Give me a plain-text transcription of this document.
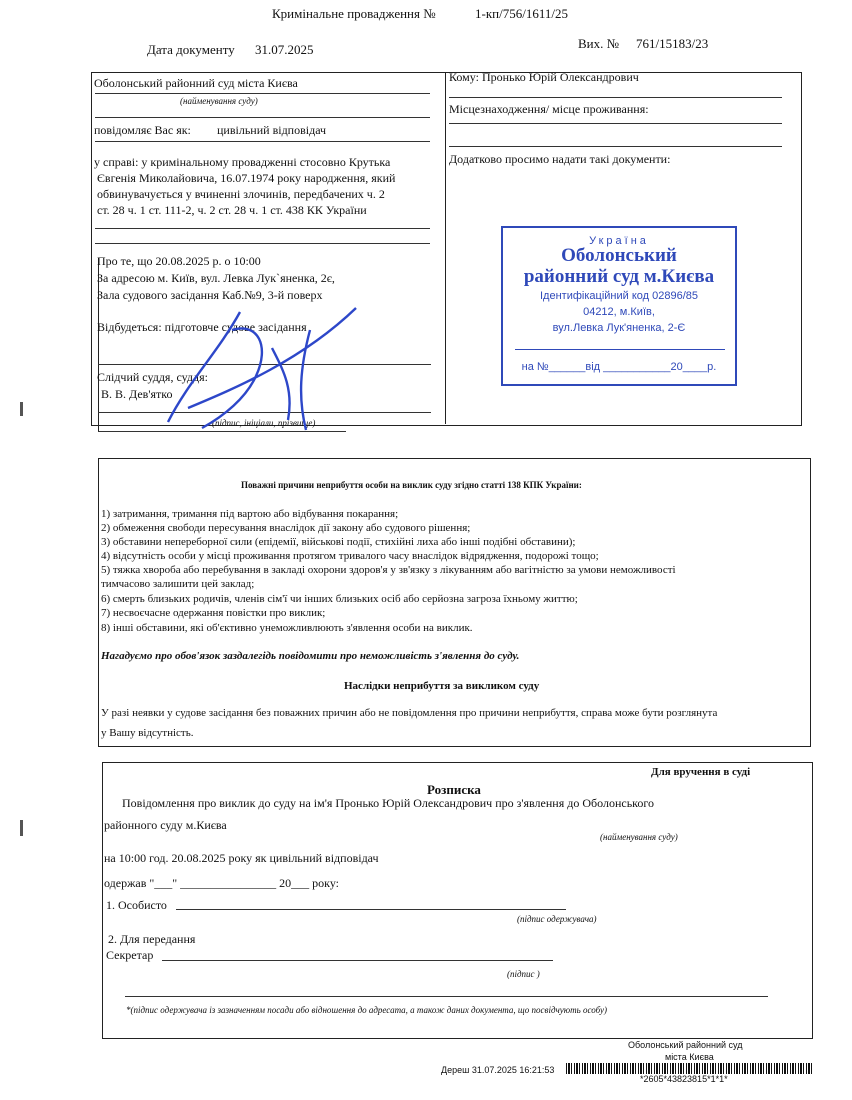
Кримінальне провадження №	1-кп/756/1611/25
Дата документу 31.07.2025	Вих. № 761/15183/23
Оболонський районний суд міста Києва
(найменування суду)
повідомляє Вас як: цивільний відповідач
у справі: у кримінальному провадженні стосовно Крутька
Євгенія Миколайовича, 16.07.1974 року народження, який
обвинувачується у вчиненні злочинів, передбачених ч. 2
ст. 28 ч. 1 ст. 111-2, ч. 2 ст. 28 ч. 1 ст. 438 КК України
Про те, що 20.08.2025 р. о 10:00
За адресою м. Київ, вул. Левка Лук`яненка, 2є,
Зала судового засідання Каб.№9, 3-й поверх
Відбудеться: підготовче судове засідання
Слідчий суддя, суддя:
В. В. Дев'ятко
(підпис, ініціали, прізвище)
Кому: Пронько Юрій Олександрович
Місцезнаходження/ місце проживання:
Додатково просимо надати такі документи:
Україна
Оболонський
районний суд м.Києва
Ідентифікаційний код 02896/85
04212, м.Київ,
вул.Левка Лук'яненка, 2-Є
на №______від ___________20____р.
Поважні причини неприбуття особи на виклик суду згідно статті 138 КПК України:
1) затримання, тримання під вартою або відбування покарання;
2) обмеження свободи пересування внаслідок дії закону або судового рішення;
3) обставини непереборної сили (епідемії, військові події, стихійні лиха або інші подібні обставини);
4) відсутність особи у місці проживання протягом тривалого часу внаслідок відрядження, подорожі тощо;
5) тяжка хвороба або перебування в закладі охорони здоров'я у зв'язку з лікуванням або вагітністю за умови неможливості
тимчасово залишити цей заклад;
6) смерть близьких родичів, членів сім'ї чи інших близьких осіб або серйозна загроза їхньому життю;
7) несвоєчасне одержання повістки про виклик;
8) інші обставини, які об'єктивно унеможливлюють з'явлення особи на виклик.
Нагадуємо про обов'язок заздалегідь повідомити про неможливість з'явлення до суду.
Наслідки неприбуття за викликом суду
У разі неявки у судове засідання без поважних причин або не повідомлення про причини неприбуття, справа може бути розглянута
у Вашу відсутність.
Для вручення в суді
Розписка
Повідомлення про виклик до суду на ім'я Пронько Юрій Олександрович про з'явлення до Оболонського
районного суду м.Києва
(найменування суду)
на 10:00 год. 20.08.2025 року як цивільний відповідач
одержав "___" ________________ 20___ року:
1. Особисто
(підпис одержувача)
2. Для передання
Секретар
(підпис )
*(підпис одержувача із зазначенням посади або відношення до адресата, а також даних документа, що посвідчують особу)
Оболонський районний суд
міста Києва
Дереш 31.07.2025 16:21:53
*2605*43823815*1*1*
